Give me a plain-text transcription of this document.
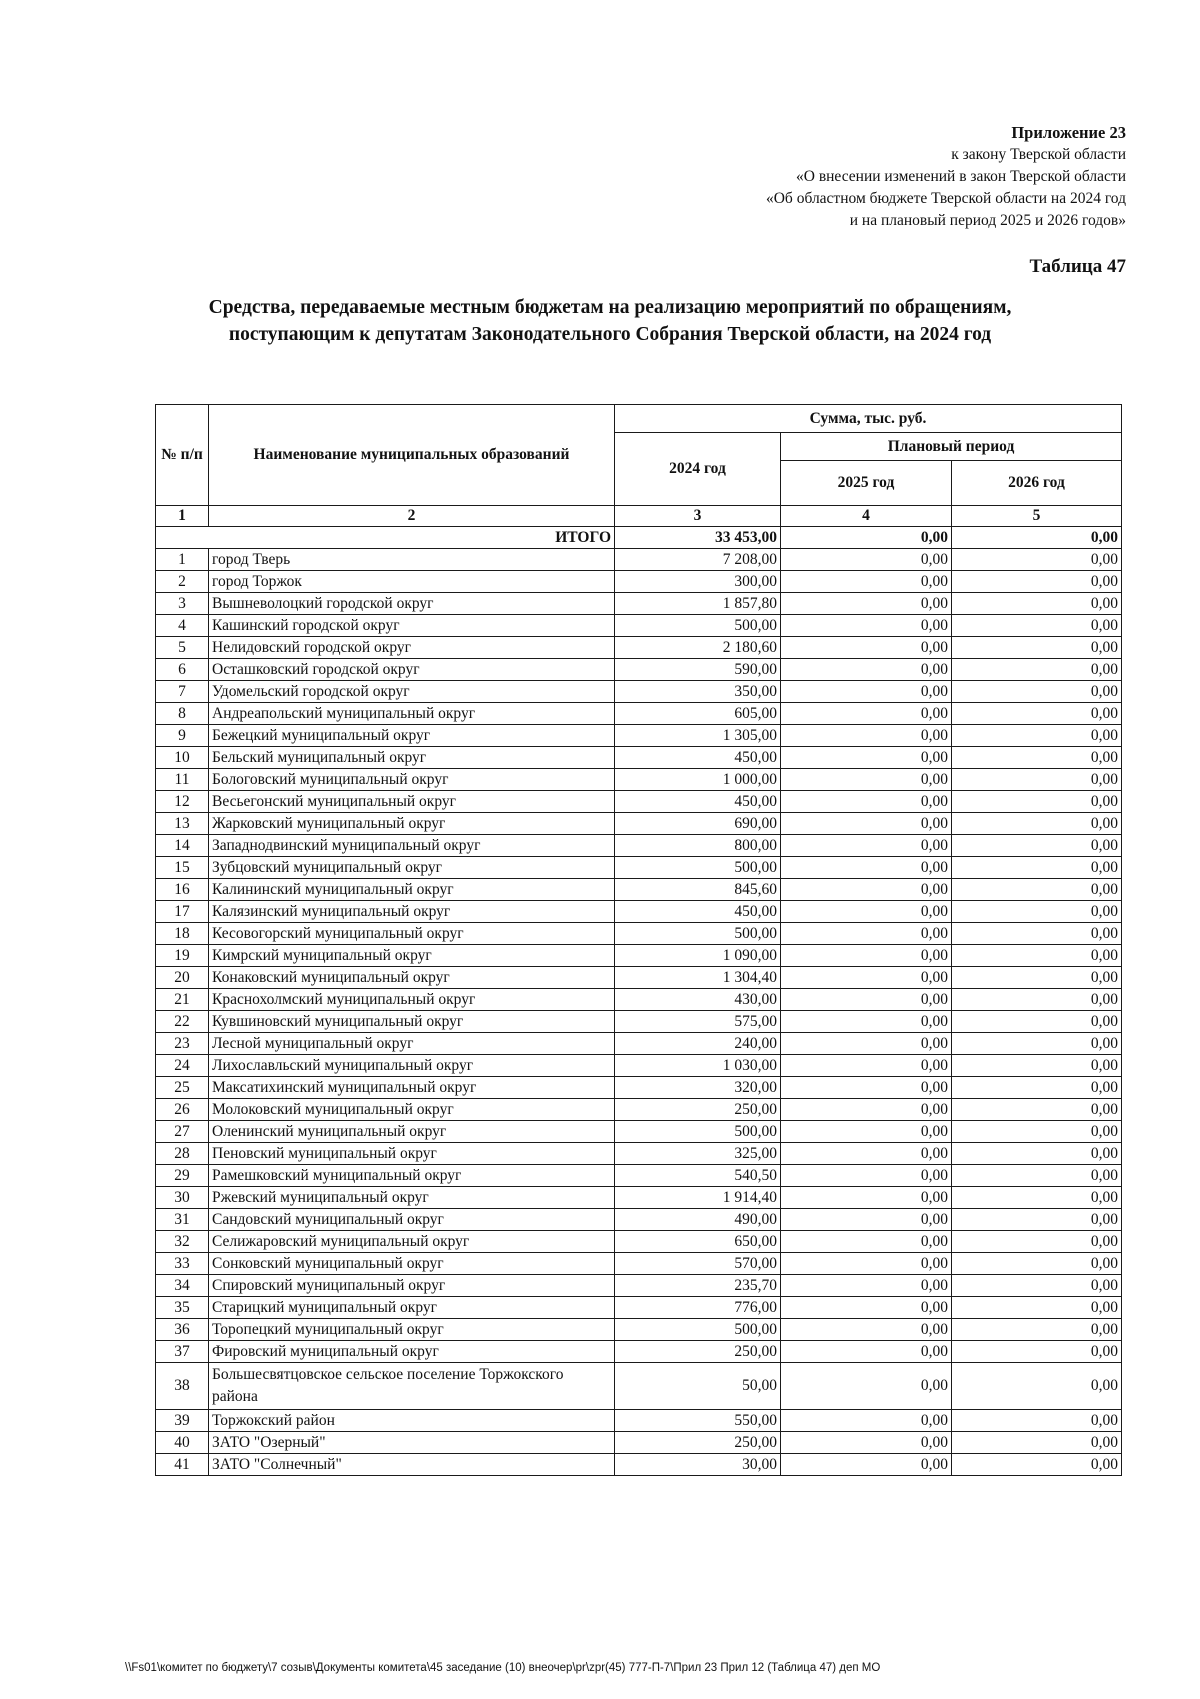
Приложение 23
к закону Тверской области
«О внесении изменений в закон Тверской области
«Об областном бюджете Тверской области на 2024 год
и на плановый период 2025 и 2026 годов»
Таблица 47
Средства, передаваемые местным бюджетам на реализацию мероприятий по обращениям,
поступающим к депутатам Законодательного Собрания Тверской области, на 2024 год
№ п/п	Наименование муниципальных образований	Сумма, тыс. руб.		
		2024 год	Плановый период	
			2025 год	2026 год
1	2	3	4	5
ИТОГО		33 453,00	0,00	0,00
1	город Тверь	7 208,00	0,00	0,00
2	город Торжок	300,00	0,00	0,00
3	Вышневолоцкий городской округ	1 857,80	0,00	0,00
4	Кашинский городской округ	500,00	0,00	0,00
5	Нелидовский городской округ	2 180,60	0,00	0,00
6	Осташковский городской округ	590,00	0,00	0,00
7	Удомельский городской округ	350,00	0,00	0,00
8	Андреапольский муниципальный округ	605,00	0,00	0,00
9	Бежецкий муниципальный округ	1 305,00	0,00	0,00
10	Бельский муниципальный округ	450,00	0,00	0,00
11	Бологовский муниципальный округ	1 000,00	0,00	0,00
12	Весьегонский муниципальный округ	450,00	0,00	0,00
13	Жарковский муниципальный округ	690,00	0,00	0,00
14	Западнодвинский муниципальный округ	800,00	0,00	0,00
15	Зубцовский муниципальный округ	500,00	0,00	0,00
16	Калининский муниципальный округ	845,60	0,00	0,00
17	Калязинский муниципальный округ	450,00	0,00	0,00
18	Кесовогорский муниципальный округ	500,00	0,00	0,00
19	Кимрский муниципальный округ	1 090,00	0,00	0,00
20	Конаковский муниципальный округ	1 304,40	0,00	0,00
21	Краснохолмский муниципальный округ	430,00	0,00	0,00
22	Кувшиновский муниципальный округ	575,00	0,00	0,00
23	Лесной муниципальный округ	240,00	0,00	0,00
24	Лихославльский муниципальный округ	1 030,00	0,00	0,00
25	Максатихинский муниципальный округ	320,00	0,00	0,00
26	Молоковский муниципальный округ	250,00	0,00	0,00
27	Оленинский муниципальный округ	500,00	0,00	0,00
28	Пеновский муниципальный округ	325,00	0,00	0,00
29	Рамешковский муниципальный округ	540,50	0,00	0,00
30	Ржевский муниципальный округ	1 914,40	0,00	0,00
31	Сандовский муниципальный округ	490,00	0,00	0,00
32	Селижаровский муниципальный округ	650,00	0,00	0,00
33	Сонковский муниципальный округ	570,00	0,00	0,00
34	Спировский муниципальный округ	235,70	0,00	0,00
35	Старицкий муниципальный округ	776,00	0,00	0,00
36	Торопецкий муниципальный округ	500,00	0,00	0,00
37	Фировский муниципальный округ	250,00	0,00	0,00
38	Большесвятцовское сельское поселение Торжокского района	50,00	0,00	0,00
39	Торжокский район	550,00	0,00	0,00
40	ЗАТО "Озерный"	250,00	0,00	0,00
41	ЗАТО "Солнечный"	30,00	0,00	0,00
\\Fs01\комитет по бюджету\7 созыв\Документы комитета\45 заседание (10) внеочер\pr\zpr(45) 777-П-7\Прил 23 Прил 12 (Таблица 47) деп МО
